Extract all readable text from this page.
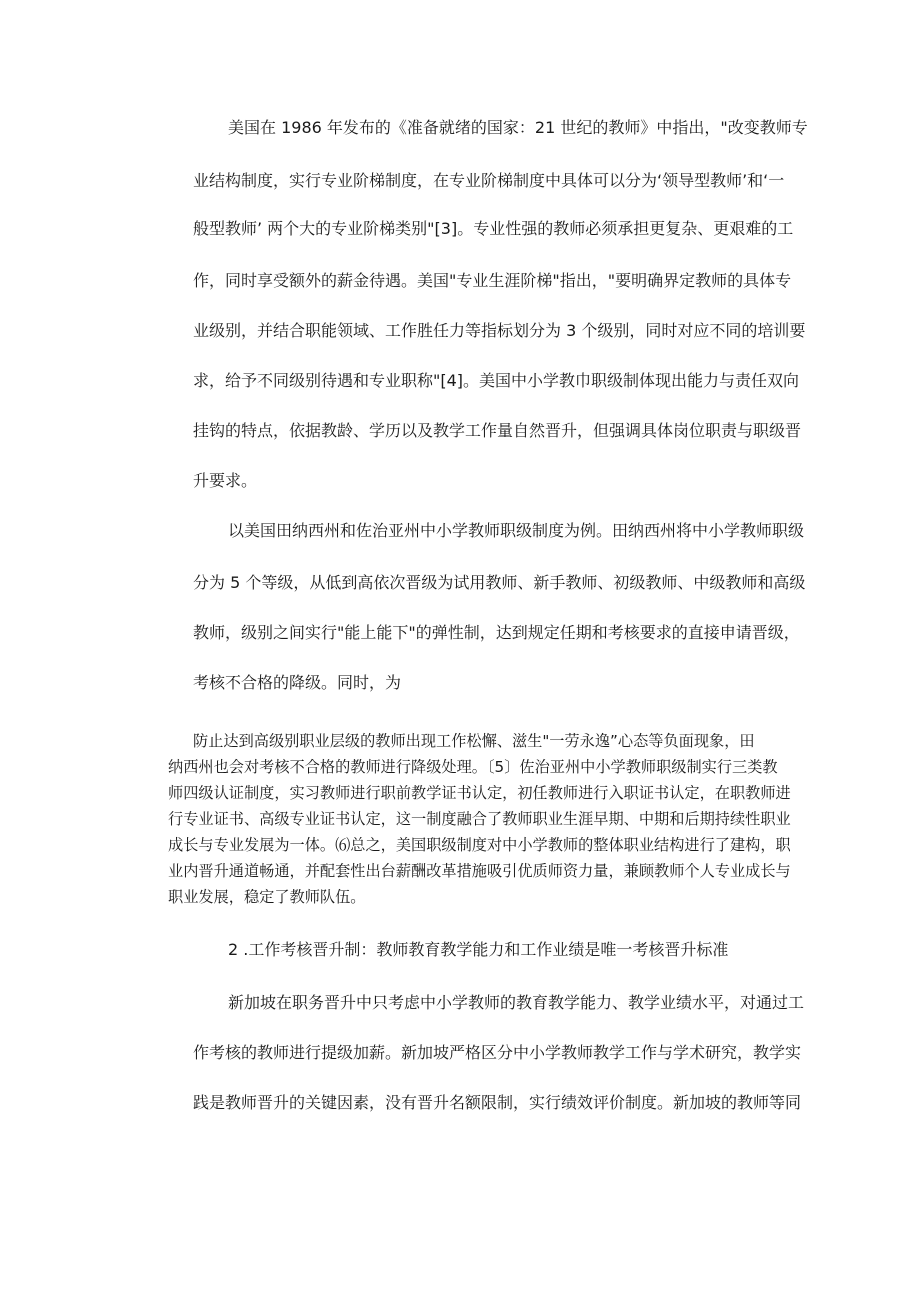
美国在 1986 年发布的《准备就绪的国家：21 世纪的教师》中指出，"改变教师专
业结构制度，实行专业阶梯制度，在专业阶梯制度中具体可以分为‘领导型教师’和‘一
般型教师’ 两个大的专业阶梯类别"[3]。专业性强的教师必须承担更复杂、更艰难的工
作，同时享受额外的薪金待遇。美国"专业生涯阶梯"指出，"要明确界定教师的具体专
业级别，并结合职能领域、工作胜任力等指标划分为 3 个级别，同时对应不同的培训要
求，给予不同级别待遇和专业职称"[4]。美国中小学教巾职级制体现出能力与责任双向
挂钩的特点，依据教龄、学历以及教学工作量自然晋升，但强调具体岗位职责与职级晋
升要求。
以美国田纳西州和佐治亚州中小学教师职级制度为例。田纳西州将中小学教师职级
分为 5 个等级，从低到高依次晋级为试用教师、新手教师、初级教师、中级教师和高级
教师，级别之间实行"能上能下"的弹性制，达到规定任期和考核要求的直接申请晋级，
考核不合格的降级。同时，为
防止达到高级别职业层级的教师出现工作松懈、滋生"一劳永逸”心态等负面现象，田
纳西州也会对考核不合格的教师进行降级处理。〔5〕佐治亚州中小学教师职级制实行三类教
师四级认证制度，实习教师进行职前教学证书认定，初任教师进行入职证书认定，在职教师进
行专业证书、高级专业证书认定，这一制度融合了教师职业生涯早期、中期和后期持续性职业
成长与专业发展为一体。⑹总之，美国职级制度对中小学教师的整体职业结构进行了建构，职
业内晋升通道畅通，并配套性出台薪酬改革措施吸引优质师资力量，兼顾教师个人专业成长与
职业发展，稳定了教师队伍。
2 .工作考核晋升制：教师教育教学能力和工作业绩是唯一考核晋升标准
新加坡在职务晋升中只考虑中小学教师的教育教学能力、教学业绩水平，对通过工
作考核的教师进行提级加薪。新加坡严格区分中小学教师教学工作与学术研究，教学实
践是教师晋升的关键因素，没有晋升名额限制，实行绩效评价制度。新加坡的教师等同
